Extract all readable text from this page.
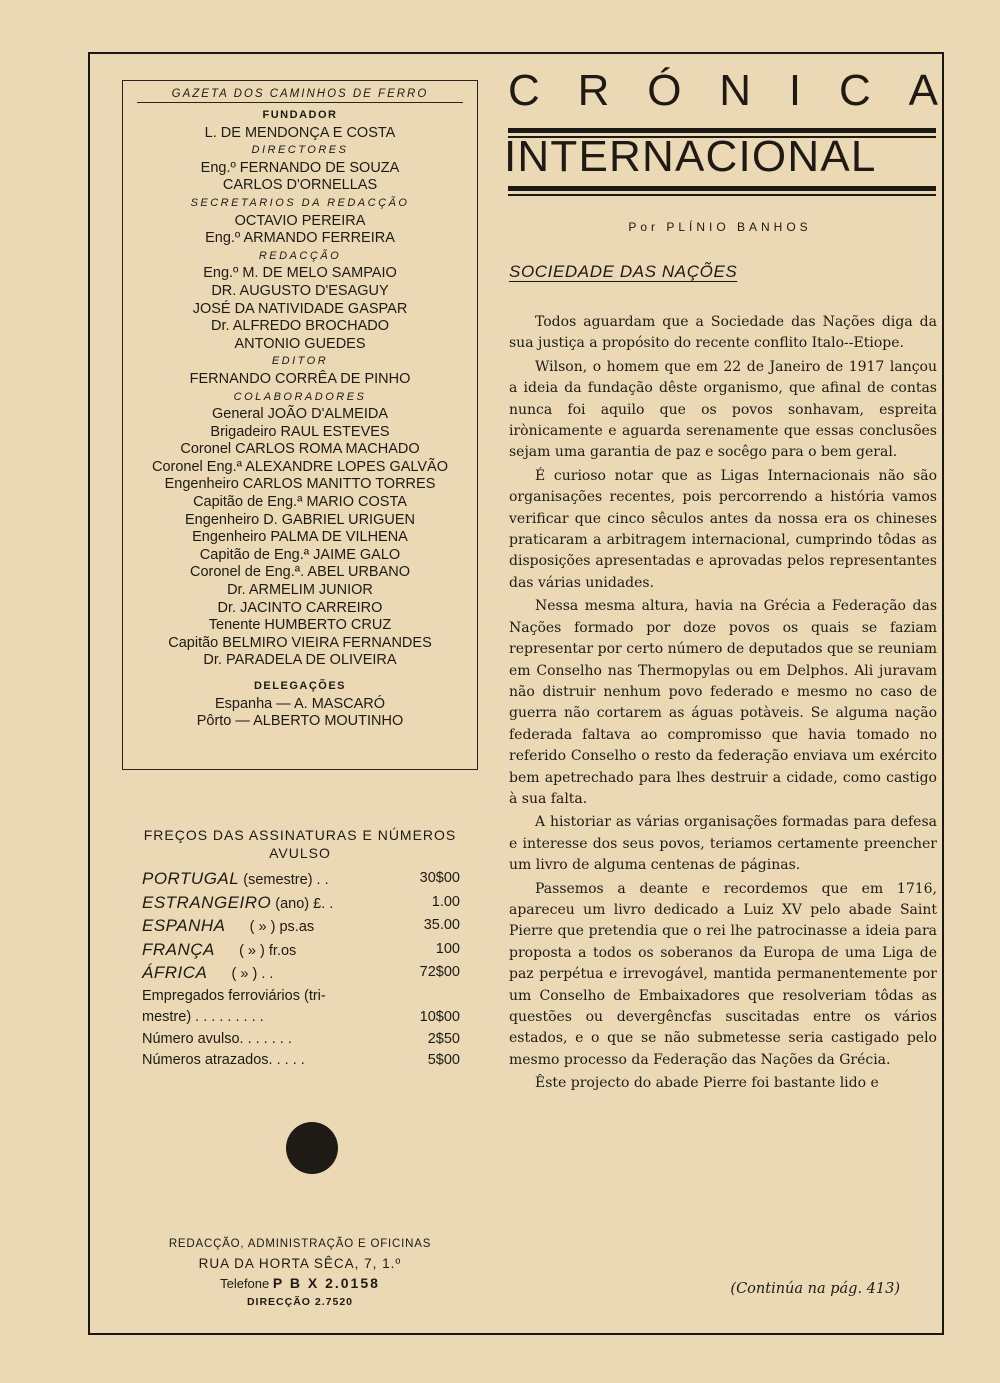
GAZETA DOS CAMINHOS DE FERRO
FUNDADOR
L. DE MENDONÇA E COSTA
DIRECTORES
Eng.º FERNANDO DE SOUZA
CARLOS D'ORNELLAS
SECRETARIOS DA REDACÇÃO
OCTAVIO PEREIRA
Eng.º ARMANDO FERREIRA
REDACÇÃO
Eng.º M. DE MELO SAMPAIO
DR. AUGUSTO D'ESAGUY
JOSÉ DA NATIVIDADE GASPAR
Dr. ALFREDO BROCHADO
ANTONIO GUEDES
EDITOR
FERNANDO CORRÊA DE PINHO
COLABORADORES
General JOÃO D'ALMEIDA
Brigadeiro RAUL ESTEVES
Coronel CARLOS ROMA MACHADO
Coronel Eng.ª ALEXANDRE LOPES GALVÃO
Engenheiro CARLOS MANITTO TORRES
Capitão de Eng.ª MARIO COSTA
Engenheiro D. GABRIEL URIGUEN
Engenheiro PALMA DE VILHENA
Capitão de Eng.ª JAIME GALO
Coronel de Eng.ª. ABEL URBANO
Dr. ARMELIM JUNIOR
Dr. JACINTO CARREIRO
Tenente HUMBERTO CRUZ
Capitão BELMIRO VIEIRA FERNANDES
Dr. PARADELA DE OLIVEIRA
DELEGAÇÕES
Espanha — A. MASCARÓ
Pôrto — ALBERTO MOUTINHO
FREÇOS DAS ASSINATURAS E NÚMEROS
AVULSO
PORTUGAL (semestre) . .	30$00
ESTRANGEIRO (ano) £. .	1.00
ESPANHA      ( » ) ps.as	35.00
FRANÇA      ( » ) fr.os	100
ÁFRICA      ( » ) . .	72$00
Empregados ferroviários (tri-
mestre) . . . . . . . . .	10$00
Número avulso. . . . . . .	2$50
Números atrazados. . . . .	5$00
REDACÇÃO, ADMINISTRAÇÃO E OFICINAS
RUA DA HORTA SÊCA, 7, 1.º
Telefone P B X 2.0158
DIRECÇÃO 2.7520
C R Ó N I C A
INTERNACIONAL
Por PLÍNIO BANHOS
SOCIEDADE DAS NAÇÕES

Todos aguardam que a Sociedade das Nações diga da sua justiça a propósito do recente conflito Italo--Etiope.

Wilson, o homem que em 22 de Janeiro de 1917 lançou a ideia da fundação dêste organismo, que afinal de contas nunca foi aquilo que os povos sonhavam, espreita irònicamente e aguarda serenamente que essas conclusões sejam uma garantia de paz e socêgo para o bem geral.

É curioso notar que as Ligas Internacionais não são organisações recentes, pois percorrendo a história vamos verificar que cinco sêculos antes da nossa era os chineses praticaram a arbitragem internacional, cumprindo tôdas as disposições apresentadas e aprovadas pelos representantes das várias unidades.

Nessa mesma altura, havia na Grécia a Federação das Nações formado por doze povos os quais se faziam representar por certo número de deputados que se reuniam em Conselho nas Thermopylas ou em Delphos. Ali juravam não distruir nenhum povo federado e mesmo no caso de guerra não cortarem as águas potàveis. Se alguma nação federada faltava ao compromisso que havia tomado no referido Conselho o resto da federação enviava um exército bem apetrechado para lhes destruir a cidade, como castigo à sua falta.

A historiar as várias organisações formadas para defesa e interesse dos seus povos, teriamos certamente preencher um livro de alguma centenas de páginas.

Passemos a deante e recordemos que em 1716, apareceu um livro dedicado a Luiz XV pelo abade Saint Pierre que pretendia que o rei lhe patrocinasse a ideia para proposta a todos os soberanos da Europa de uma Liga de paz perpétua e irrevogável, mantida permanentemente por um Conselho de Embaixadores que resolveriam tôdas as questões ou devergêncfas suscitadas entre os vários estados, e o que se não submetesse seria castigado pelo mesmo processo da Federação das Nações da Grécia.

Êste projecto do abade Pierre foi bastante lido e

(Continúa na pág. 413)
